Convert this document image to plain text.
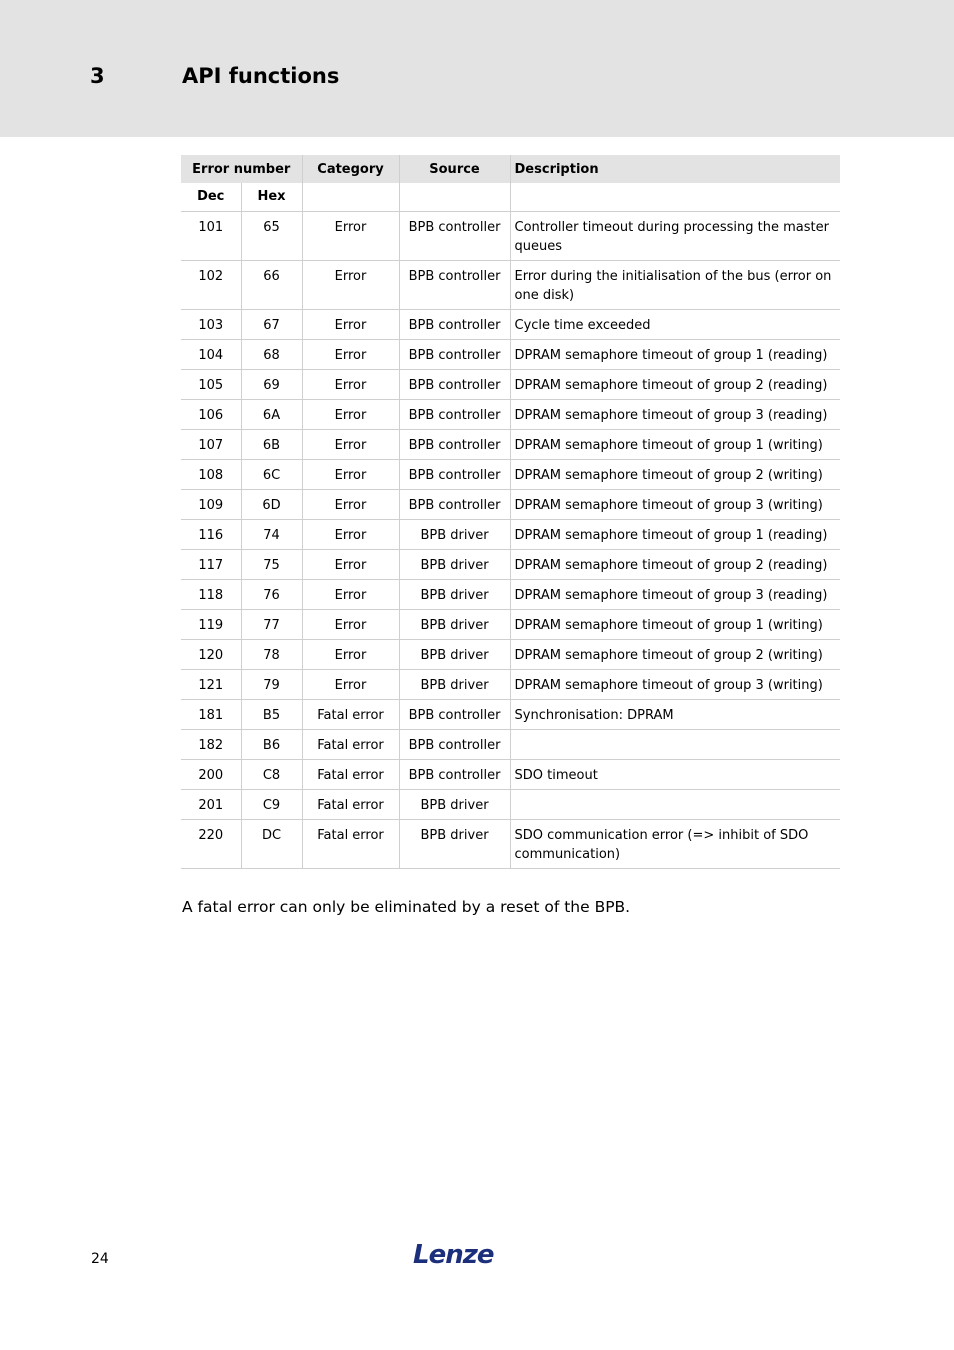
3	API functions
Error number		Category	Source	Description
Dec	Hex			
101	65	Error	BPB controller	Controller timeout during processing the master queues
102	66	Error	BPB controller	Error during the initialisation of the bus (error on one disk)
103	67	Error	BPB controller	Cycle time exceeded
104	68	Error	BPB controller	DPRAM semaphore timeout of group 1 (reading)
105	69	Error	BPB controller	DPRAM semaphore timeout of group 2 (reading)
106	6A	Error	BPB controller	DPRAM semaphore timeout of group 3 (reading)
107	6B	Error	BPB controller	DPRAM semaphore timeout of group 1 (writing)
108	6C	Error	BPB controller	DPRAM semaphore timeout of group 2 (writing)
109	6D	Error	BPB controller	DPRAM semaphore timeout of group 3 (writing)
116	74	Error	BPB driver	DPRAM semaphore timeout of group 1 (reading)
117	75	Error	BPB driver	DPRAM semaphore timeout of group 2 (reading)
118	76	Error	BPB driver	DPRAM semaphore timeout of group 3 (reading)
119	77	Error	BPB driver	DPRAM semaphore timeout of group 1 (writing)
120	78	Error	BPB driver	DPRAM semaphore timeout of group 2 (writing)
121	79	Error	BPB driver	DPRAM semaphore timeout of group 3 (writing)
181	B5	Fatal error	BPB controller	Synchronisation: DPRAM
182	B6	Fatal error	BPB controller	
200	C8	Fatal error	BPB controller	SDO timeout
201	C9	Fatal error	BPB driver	
220	DC	Fatal error	BPB driver	SDO communication error (=> inhibit of SDO communication)
A fatal error can only be eliminated by a reset of the BPB.
24	Lenze
